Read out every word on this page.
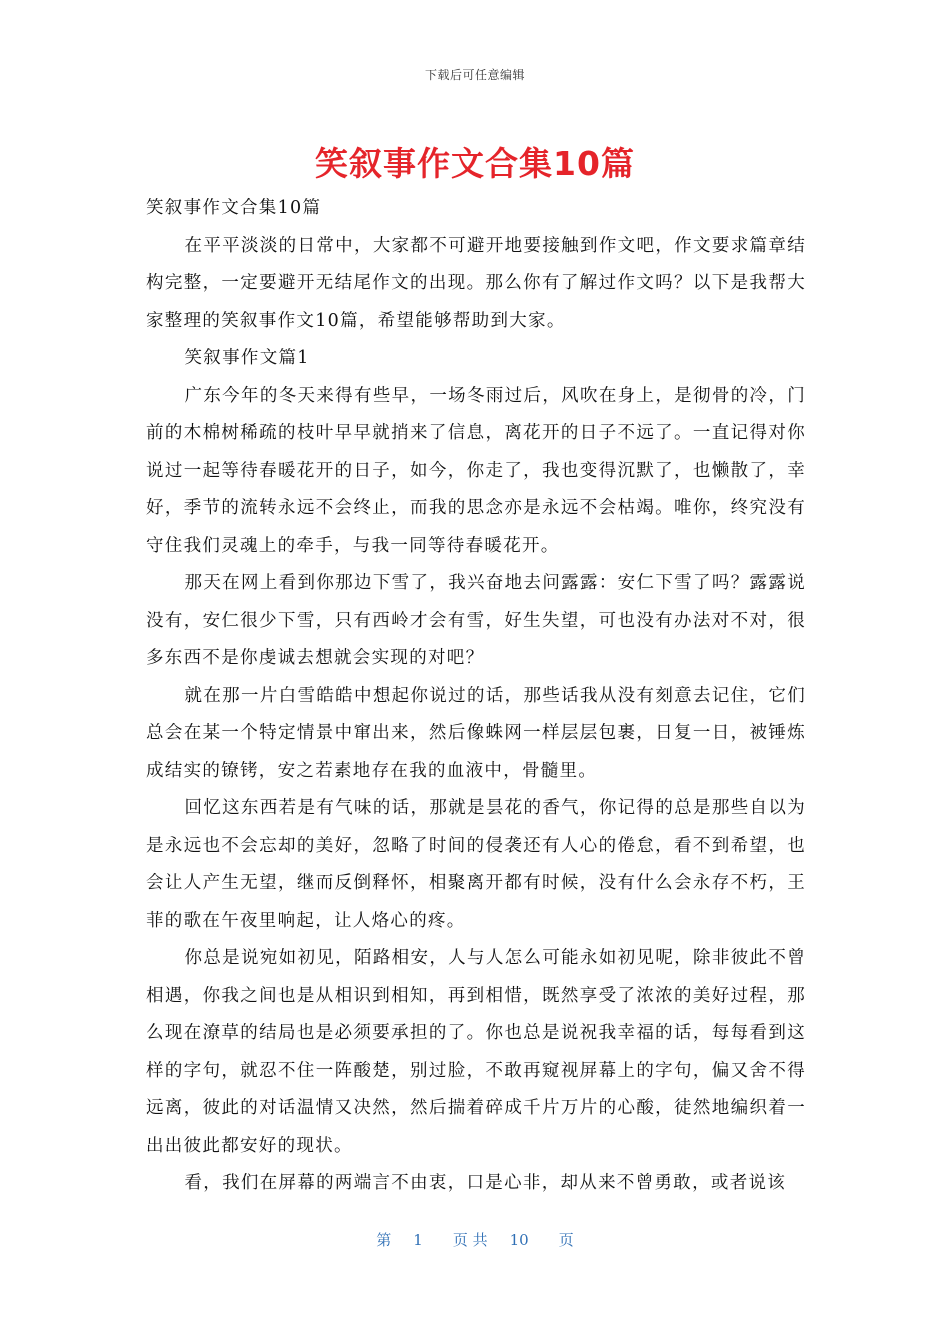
下载后可任意编辑
笑叙事作文合集10篇

笑叙事作文合集10篇

在平平淡淡的日常中，大家都不可避开地要接触到作文吧，作文要求篇章结构完整，一定要避开无结尾作文的出现。那么你有了解过作文吗？以下是我帮大家整理的笑叙事作文10篇，希望能够帮助到大家。

笑叙事作文篇1

广东今年的冬天来得有些早，一场冬雨过后，风吹在身上，是彻骨的冷，门前的木棉树稀疏的枝叶早早就捎来了信息，离花开的日子不远了。一直记得对你说过一起等待春暖花开的日子，如今，你走了，我也变得沉默了，也懒散了，幸好，季节的流转永远不会终止，而我的思念亦是永远不会枯竭。唯你，终究没有守住我们灵魂上的牵手，与我一同等待春暖花开。

那天在网上看到你那边下雪了，我兴奋地去问露露：安仁下雪了吗？露露说没有，安仁很少下雪，只有西岭才会有雪，好生失望，可也没有办法对不对，很多东西不是你虔诚去想就会实现的对吧？

就在那一片白雪皓皓中想起你说过的话，那些话我从没有刻意去记住，它们总会在某一个特定情景中窜出来，然后像蛛网一样层层包裹，日复一日，被锤炼成结实的镣铐，安之若素地存在我的血液中，骨髓里。

回忆这东西若是有气味的话，那就是昙花的香气，你记得的总是那些自以为是永远也不会忘却的美好，忽略了时间的侵袭还有人心的倦怠，看不到希望，也会让人产生无望，继而反倒释怀，相聚离开都有时候，没有什么会永存不朽，王菲的歌在午夜里响起，让人烙心的疼。

你总是说宛如初见，陌路相安，人与人怎么可能永如初见呢，除非彼此不曾相遇，你我之间也是从相识到相知，再到相惜，既然享受了浓浓的美好过程，那么现在潦草的结局也是必须要承担的了。你也总是说祝我幸福的话，每每看到这样的字句，就忍不住一阵酸楚，别过脸，不敢再窥视屏幕上的字句，偏又舍不得远离，彼此的对话温情又决然，然后揣着碎成千片万片的心酸，徒然地编织着一出出彼此都安好的现状。

看，我们在屏幕的两端言不由衷，口是心非，却从来不曾勇敢，或者说该

第 1 页 共 10 页
